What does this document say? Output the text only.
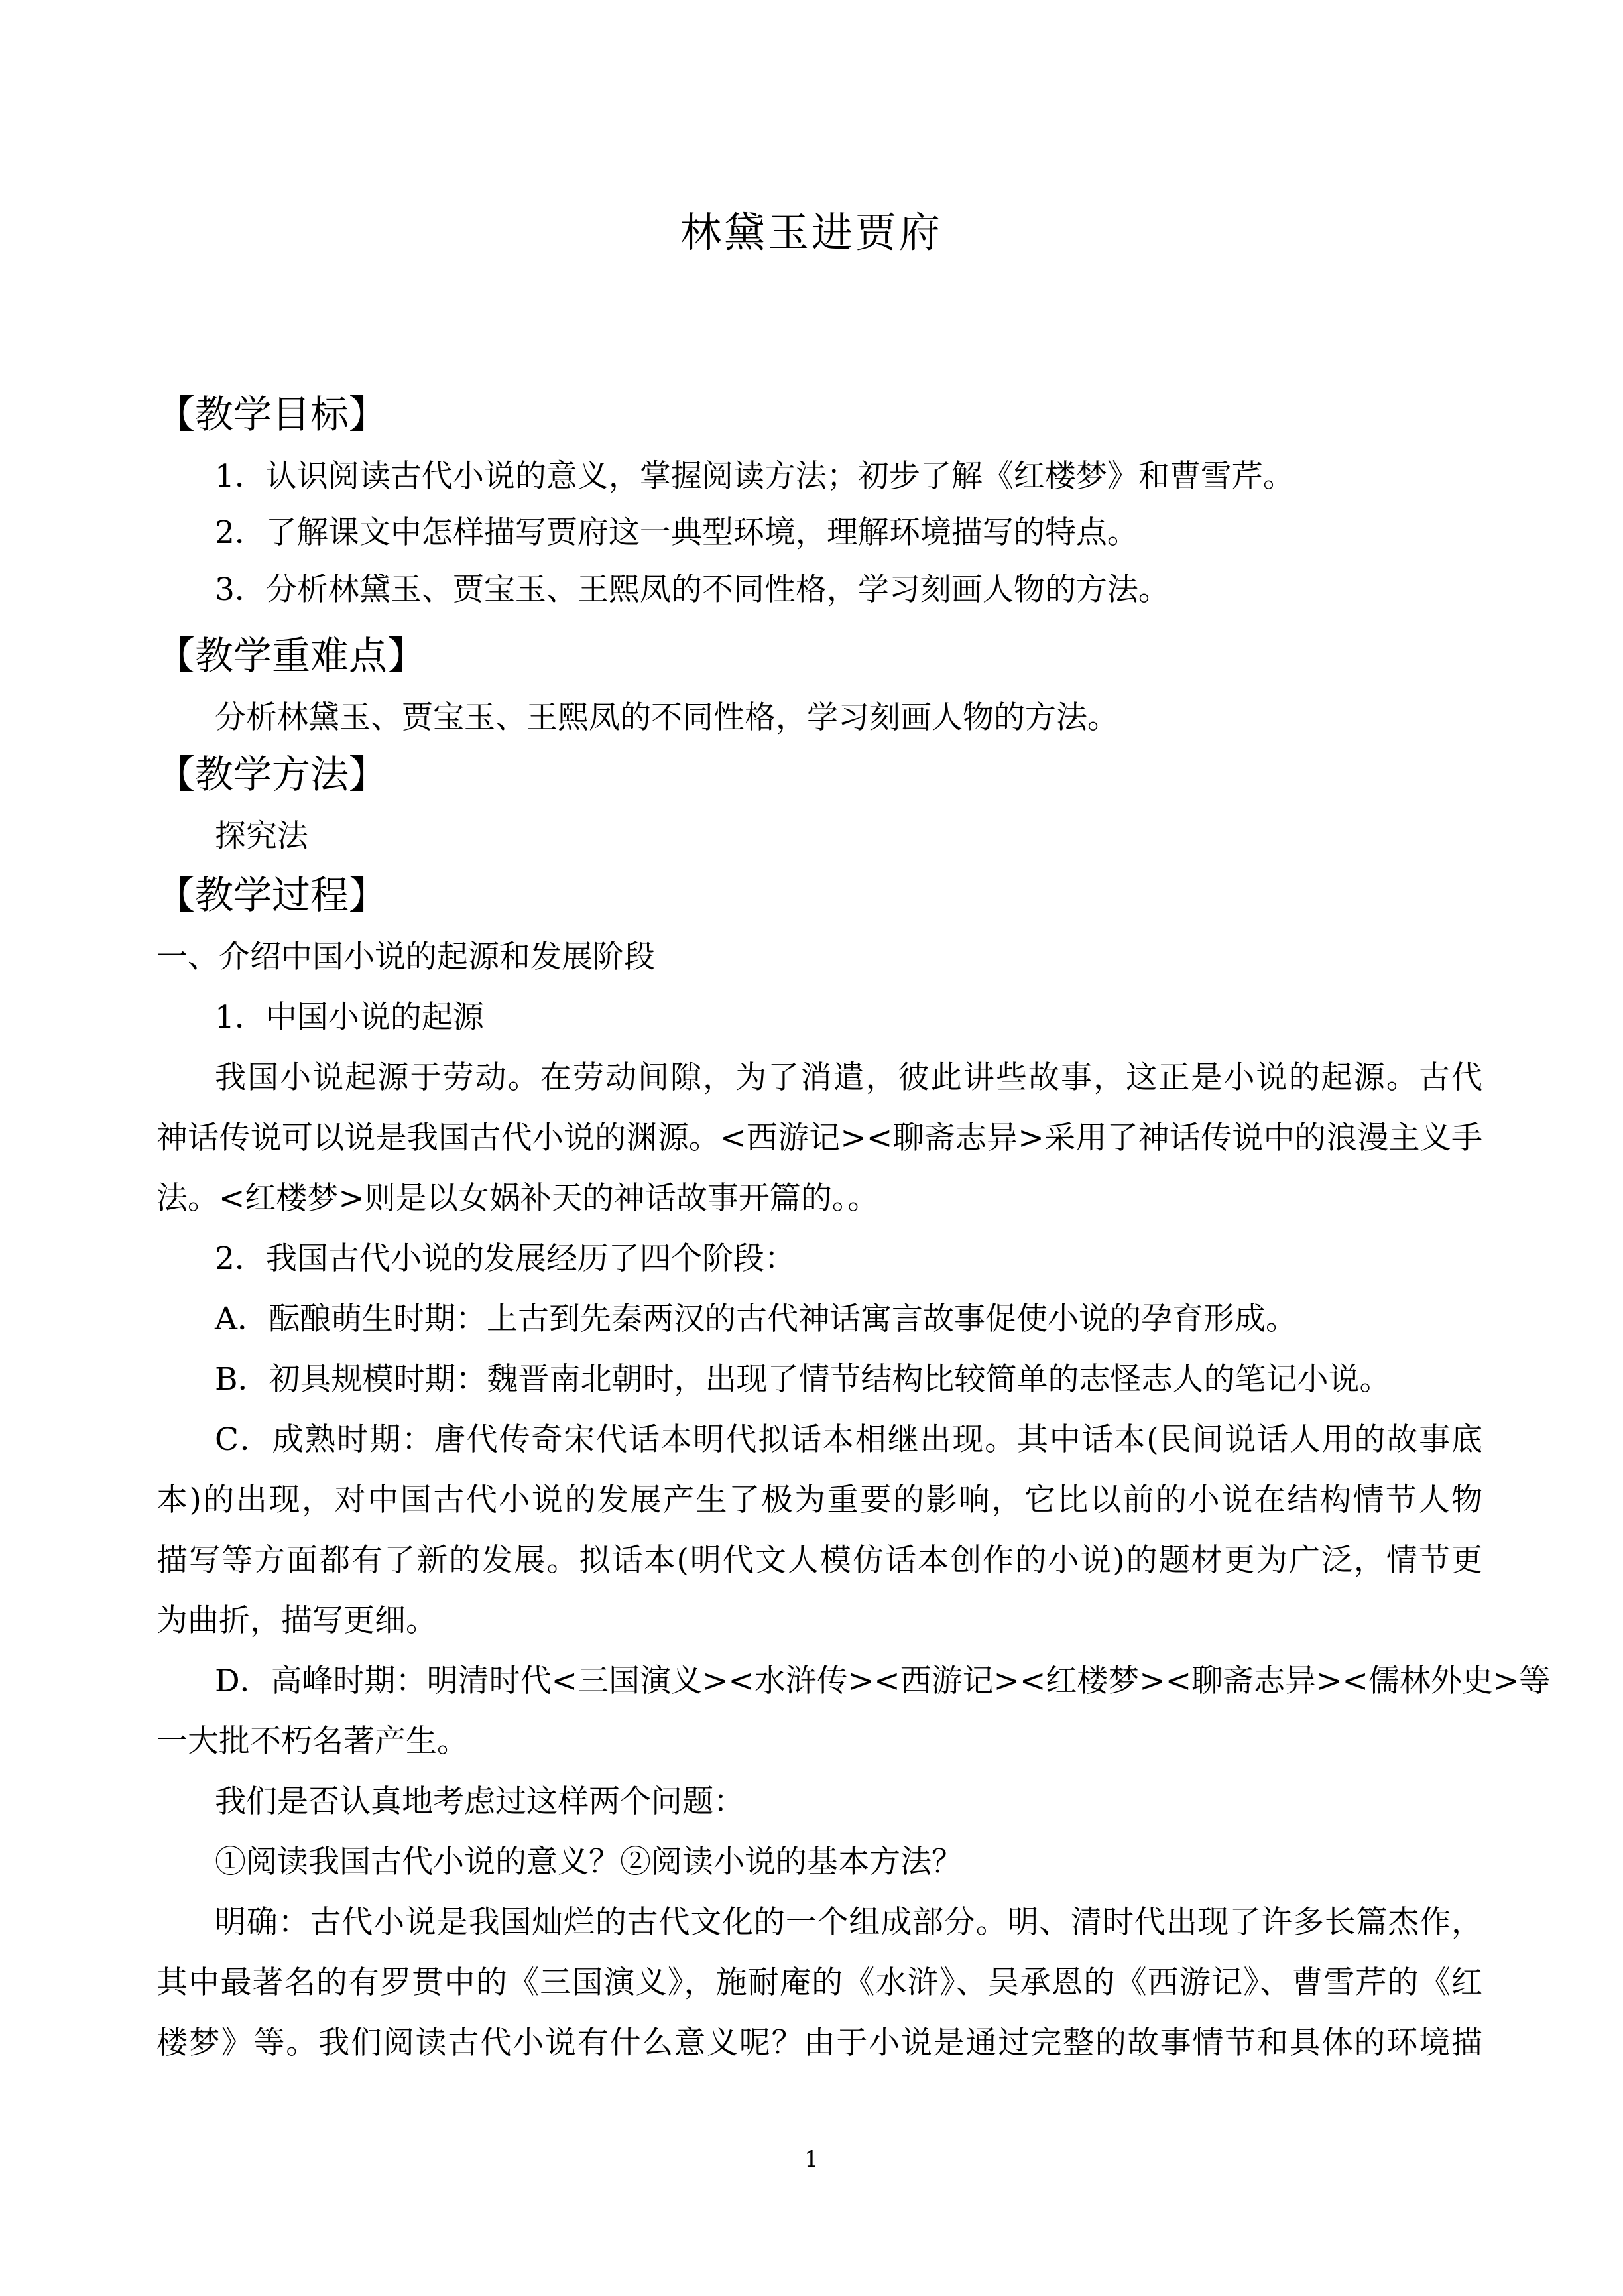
林黛玉进贾府
【教学目标】
1．认识阅读古代小说的意义，掌握阅读方法；初步了解《红楼梦》和曹雪芹。
2．了解课文中怎样描写贾府这一典型环境，理解环境描写的特点。
3．分析林黛玉、贾宝玉、王熙凤的不同性格，学习刻画人物的方法。
【教学重难点】
分析林黛玉、贾宝玉、王熙凤的不同性格，学习刻画人物的方法。
【教学方法】
探究法
【教学过程】
一、介绍中国小说的起源和发展阶段
1．中国小说的起源
我国小说起源于劳动。在劳动间隙，为了消遣，彼此讲些故事，这正是小说的起源。古代
神话传说可以说是我国古代小说的渊源。<西游记><聊斋志异>采用了神话传说中的浪漫主义手
法。<红楼梦>则是以女娲补天的神话故事开篇的。。
2．我国古代小说的发展经历了四个阶段：
A．酝酿萌生时期：上古到先秦两汉的古代神话寓言故事促使小说的孕育形成。
B．初具规模时期：魏晋南北朝时，出现了情节结构比较简单的志怪志人的笔记小说。
C．成熟时期：唐代传奇宋代话本明代拟话本相继出现。其中话本(民间说话人用的故事底
本)的出现，对中国古代小说的发展产生了极为重要的影响，它比以前的小说在结构情节人物
描写等方面都有了新的发展。拟话本(明代文人模仿话本创作的小说)的题材更为广泛，情节更
为曲折，描写更细。
D．高峰时期：明清时代<三国演义><水浒传><西游记><红楼梦><聊斋志异><儒林外史>等
一大批不朽名著产生。
我们是否认真地考虑过这样两个问题：
①阅读我国古代小说的意义？②阅读小说的基本方法？
明确：古代小说是我国灿烂的古代文化的一个组成部分。明、清时代出现了许多长篇杰作，
其中最著名的有罗贯中的《三国演义》，施耐庵的《水浒》、吴承恩的《西游记》、曹雪芹的《红
楼梦》等。我们阅读古代小说有什么意义呢？由于小说是通过完整的故事情节和具体的环境描
1
